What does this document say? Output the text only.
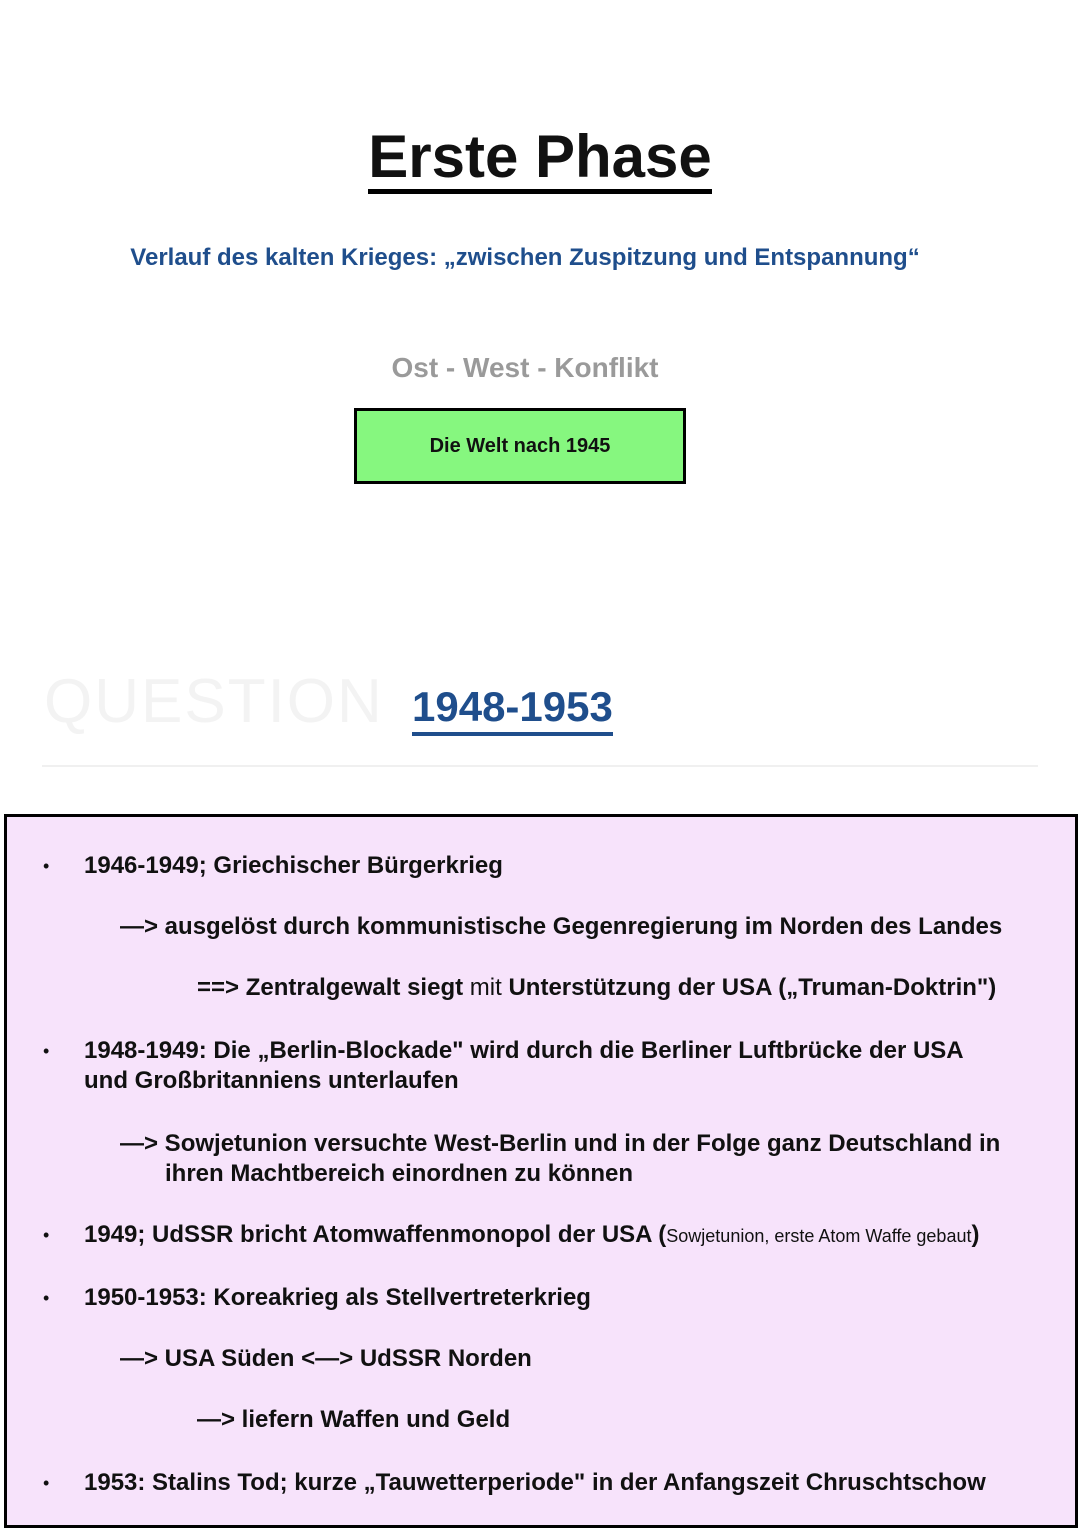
Erste Phase

Verlauf des kalten Krieges: „zwischen Zuspitzung und Entspannung“

Ost - West - Konflikt

Die Welt nach 1945

QUESTION 1948-1953

• 1946-1949; Griechischer Bürgerkrieg
—> ausgelöst durch kommunistische Gegenregierung im Norden des Landes
==> Zentralgewalt siegt mit Unterstützung der USA („Truman-Doktrin")
• 1948-1949: Die „Berlin-Blockade" wird durch die Berliner Luftbrücke der USA
und Großbritanniens unterlaufen
—> Sowjetunion versuchte West-Berlin und in der Folge ganz Deutschland in
ihren Machtbereich einordnen zu können
• 1949; UdSSR bricht Atomwaffenmonopol der USA (Sowjetunion, erste Atom Waffe gebaut)
• 1950-1953: Koreakrieg als Stellvertreterkrieg
—> USA Süden <—> UdSSR Norden
—> liefern Waffen und Geld
• 1953: Stalins Tod; kurze „Tauwetterperiode" in der Anfangszeit Chruschtschow
